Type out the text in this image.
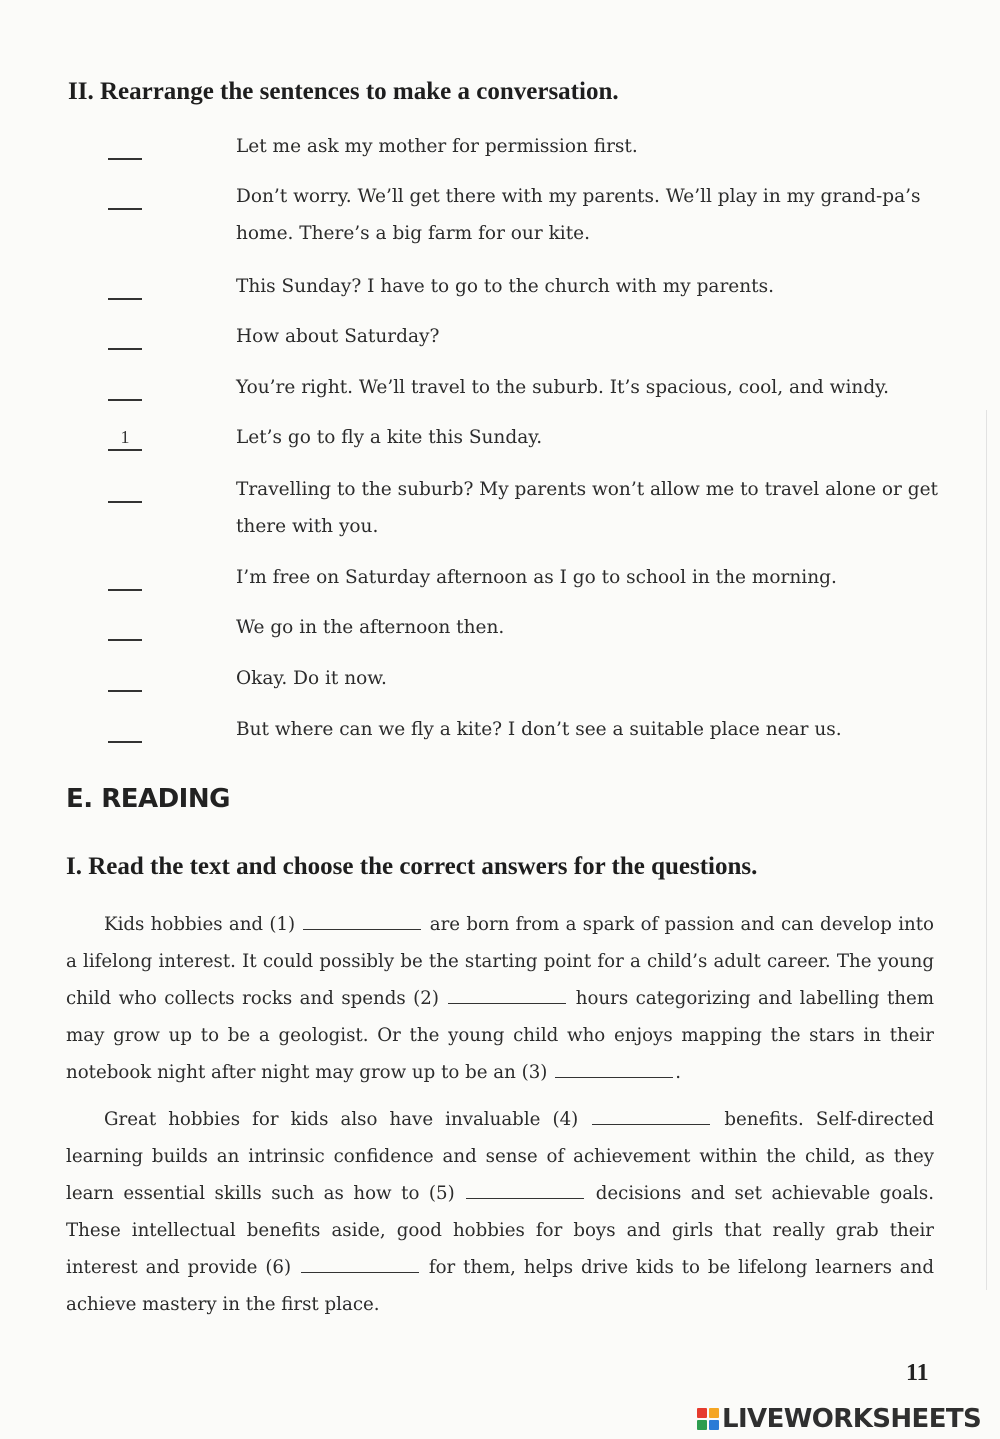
II. Rearrange the sentences to make a conversation.
Let me ask my mother for permission first.
Don’t worry. We’ll get there with my parents. We’ll play in my grand-pa’s home. There’s a big farm for our kite.
This Sunday? I have to go to the church with my parents.
How about Saturday?
You’re right. We’ll travel to the suburb. It’s spacious, cool, and windy.
1	Let’s go to fly a kite this Sunday.
Travelling to the suburb? My parents won’t allow me to travel alone or get there with you.
I’m free on Saturday afternoon as I go to school in the morning.
We go in the afternoon then.
Okay. Do it now.
But where can we fly a kite? I don’t see a suitable place near us.
E. READING
I. Read the text and choose the correct answers for the questions.
Kids hobbies and (1)	are born from a spark of passion and can develop into a lifelong interest. It could possibly be the starting point for a child’s adult career. The young child who collects rocks and spends (2)	hours categorizing and labelling them may grow up to be a geologist. Or the young child who enjoys mapping the stars in their notebook night after night may grow up to be an (3)	.
Great hobbies for kids also have invaluable (4)	benefits. Self-directed learning builds an intrinsic confidence and sense of achievement within the child, as they learn essential skills such as how to (5)	decisions and set achievable goals. These intellectual benefits aside, good hobbies for boys and girls that really grab their interest and provide (6)	for them, helps drive kids to be lifelong learners and achieve mastery in the first place.
11
LIVEWORKSHEETS
